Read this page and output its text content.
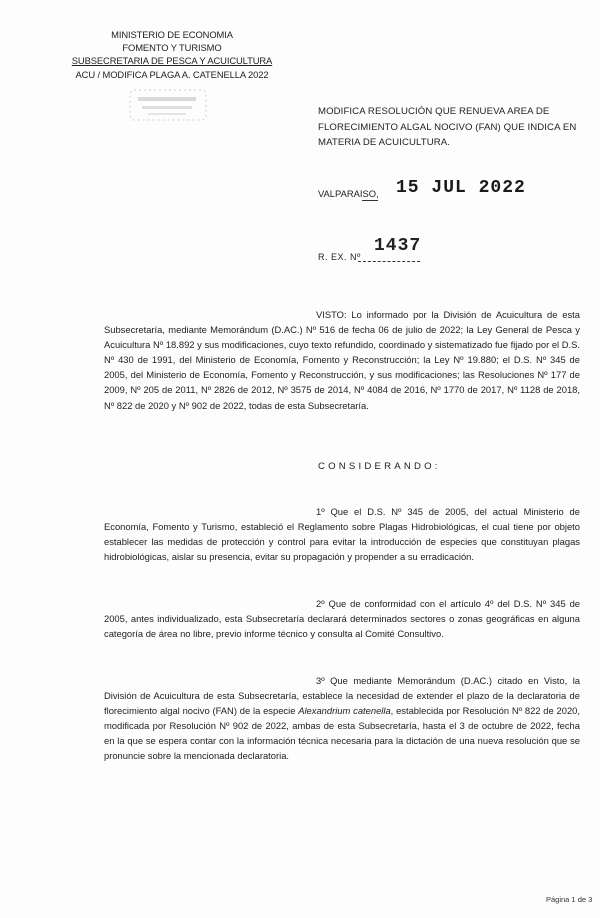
MINISTERIO DE ECONOMIA
FOMENTO Y TURISMO
SUBSECRETARIA DE PESCA Y ACUICULTURA
ACU / MODIFICA PLAGA A. CATENELLA 2022
MODIFICA RESOLUCIÓN QUE RENUEVA AREA DE FLORECIMIENTO ALGAL NOCIVO (FAN) QUE INDICA EN MATERIA DE ACUICULTURA.
VALPARAISO, 15 JUL 2022
R. EX. Nº
1437
VISTO: Lo informado por la División de Acuicultura de esta Subsecretaría, mediante Memorándum (D.AC.) Nº 516 de fecha 06 de julio de 2022; la Ley General de Pesca y Acuicultura Nº 18.892 y sus modificaciones, cuyo texto refundido, coordinado y sistematizado fue fijado por el D.S. Nº 430 de 1991, del Ministerio de Economía, Fomento y Reconstrucción; la Ley Nº 19.880; el D.S. Nº 345 de 2005, del Ministerio de Economía, Fomento y Reconstrucción, y sus modificaciones; las Resoluciones Nº 177 de 2009, Nº 205 de 2011, Nº 2826 de 2012, Nº 3575 de 2014, Nº 4084 de 2016, Nº 1770 de 2017, Nº 1128 de 2018, Nº 822 de 2020 y Nº 902 de 2022, todas de esta Subsecretaría.
CONSIDERANDO:
1º Que el D.S. Nº 345 de 2005, del actual Ministerio de Economía, Fomento y Turismo, estableció el Reglamento sobre Plagas Hidrobiológicas, el cual tiene por objeto establecer las medidas de protección y control para evitar la introducción de especies que constituyan plagas hidrobiológicas, aislar su presencia, evitar su propagación y propender a su erradicación.
2º Que de conformidad con el artículo 4º del D.S. Nº 345 de 2005, antes individualizado, esta Subsecretaría declarará determinados sectores o zonas geográficas en alguna categoría de área no libre, previo informe técnico y consulta al Comité Consultivo.
3º Que mediante Memorándum (D.AC.) citado en Visto, la División de Acuicultura de esta Subsecretaría, establece la necesidad de extender el plazo de la declaratoria de florecimiento algal nocivo (FAN) de la especie Alexandrium catenella, establecida por Resolución Nº 822 de 2020, modificada por Resolución Nº 902 de 2022, ambas de esta Subsecretaría, hasta el 3 de octubre de 2022, fecha en la que se espera contar con la información técnica necesaria para la dictación de una nueva resolución que se pronuncie sobre la mencionada declaratoria.
Página 1 de 3
